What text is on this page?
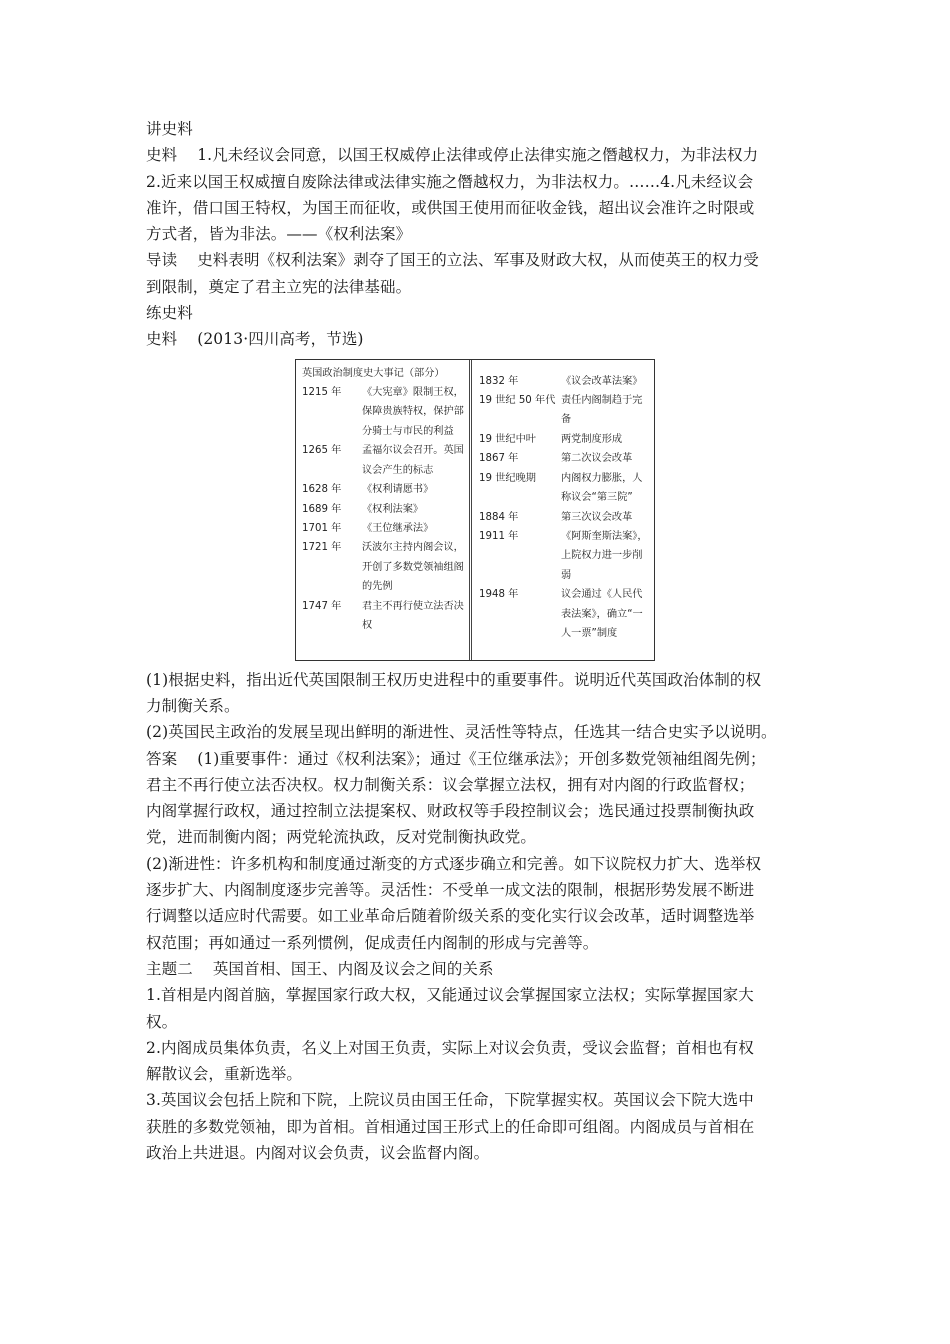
讲史料
史料 1.凡未经议会同意，以国王权威停止法律或停止法律实施之僭越权力，为非法权力
2.近来以国王权威擅自废除法律或法律实施之僭越权力，为非法权力。……4.凡未经议会
准许，借口国王特权，为国王而征收，或供国王使用而征收金钱，超出议会准许之时限或
方式者，皆为非法。——《权利法案》
导读 史料表明《权利法案》剥夺了国王的立法、军事及财政大权，从而使英王的权力受
到限制，奠定了君主立宪的法律基础。
练史料
史料 (2013·四川高考，节选)
英国政治制度史大事记（部分）
1215 年	《大宪章》限制王权，保障贵族特权，保护部分骑士与市民的利益
1265 年	孟福尔议会召开。英国议会产生的标志
1628 年	《权利请愿书》
1689 年	《权利法案》
1701 年	《王位继承法》
1721 年	沃波尔主持内阁会议，开创了多数党领袖组阁的先例
1747 年	君主不再行使立法否决权
1832 年	《议会改革法案》
19 世纪 50 年代 责任内阁制趋于完备
19 世纪中叶	两党制度形成
1867 年	第二次议会改革
19 世纪晚期	内阁权力膨胀，人称议会“第三院”
1884 年	第三次议会改革
1911 年	《阿斯奎斯法案》，上院权力进一步削弱
1948 年	议会通过《人民代表法案》，确立“一人一票”制度
(1)根据史料，指出近代英国限制王权历史进程中的重要事件。说明近代英国政治体制的权
力制衡关系。
(2)英国民主政治的发展呈现出鲜明的渐进性、灵活性等特点，任选其一结合史实予以说明。
答案 (1)重要事件：通过《权利法案》；通过《王位继承法》；开创多数党领袖组阁先例；
君主不再行使立法否决权。权力制衡关系：议会掌握立法权，拥有对内阁的行政监督权；
内阁掌握行政权，通过控制立法提案权、财政权等手段控制议会；选民通过投票制衡执政
党，进而制衡内阁；两党轮流执政，反对党制衡执政党。
(2)渐进性：许多机构和制度通过渐变的方式逐步确立和完善。如下议院权力扩大、选举权
逐步扩大、内阁制度逐步完善等。灵活性：不受单一成文法的限制，根据形势发展不断进
行调整以适应时代需要。如工业革命后随着阶级关系的变化实行议会改革，适时调整选举
权范围；再如通过一系列惯例，促成责任内阁制的形成与完善等。
主题二 英国首相、国王、内阁及议会之间的关系
1.首相是内阁首脑，掌握国家行政大权，又能通过议会掌握国家立法权；实际掌握国家大
权。
2.内阁成员集体负责，名义上对国王负责，实际上对议会负责，受议会监督；首相也有权
解散议会，重新选举。
3.英国议会包括上院和下院，上院议员由国王任命，下院掌握实权。英国议会下院大选中
获胜的多数党领袖，即为首相。首相通过国王形式上的任命即可组阁。内阁成员与首相在
政治上共进退。内阁对议会负责，议会监督内阁。
